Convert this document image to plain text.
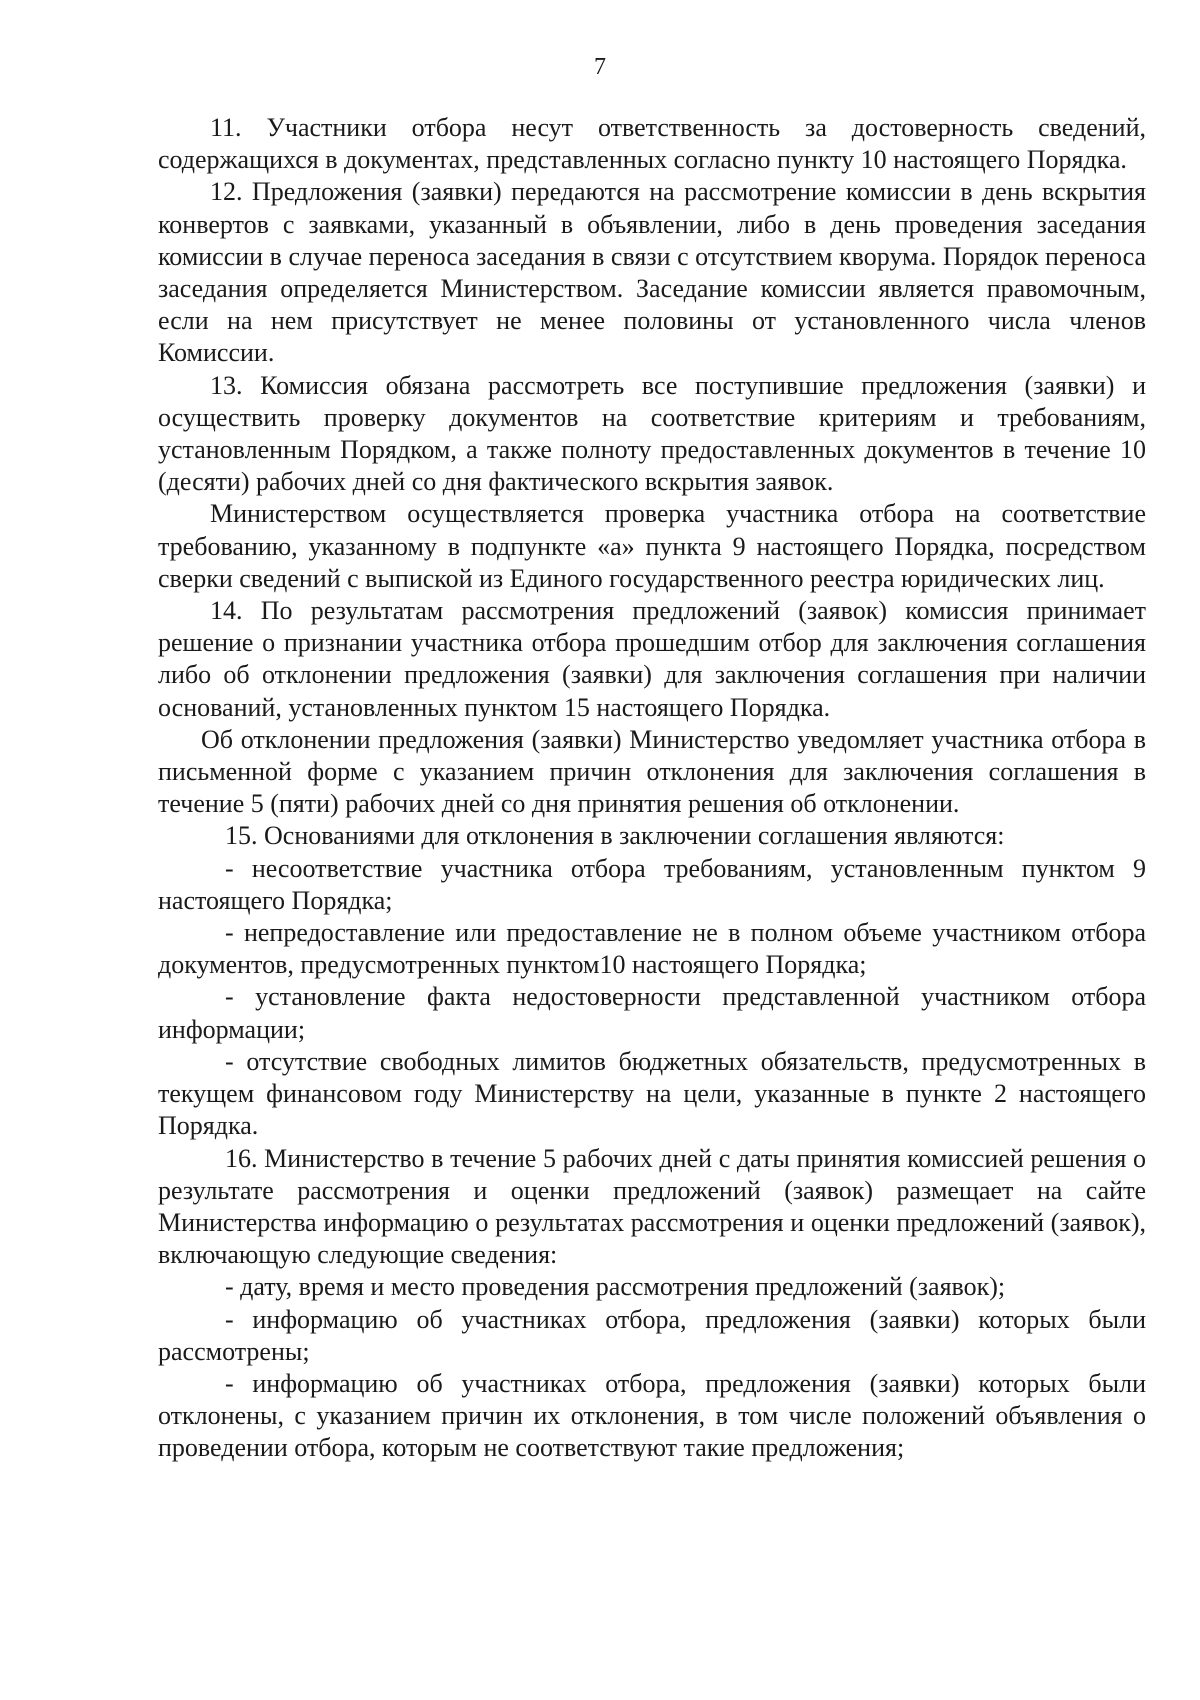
7

11. Участники отбора несут ответственность за достоверность сведений, содержащихся в документах, представленных согласно пункту 10 настоящего Порядка.

12. Предложения (заявки) передаются на рассмотрение комиссии в день вскрытия конвертов с заявками, указанный в объявлении, либо в день проведения заседания комиссии в случае переноса заседания в связи с отсутствием кворума. Порядок переноса заседания определяется Министерством. Заседание комиссии является правомочным, если на нем присутствует не менее половины от установленного числа членов Комиссии.

13. Комиссия обязана рассмотреть все поступившие предложения (заявки) и осуществить проверку документов на соответствие критериям и требованиям, установленным Порядком, а также полноту предоставленных документов в течение 10 (десяти) рабочих дней со дня фактического вскрытия заявок.

Министерством осуществляется проверка участника отбора на соответствие требованию, указанному в подпункте «а» пункта 9 настоящего Порядка, посредством сверки сведений с выпиской из Единого государственного реестра юридических лиц.

14. По результатам рассмотрения предложений (заявок) комиссия принимает решение о признании участника отбора прошедшим отбор для заключения соглашения либо об отклонении предложения (заявки) для заключения соглашения при наличии оснований, установленных пунктом 15 настоящего Порядка.

Об отклонении предложения (заявки) Министерство уведомляет участника отбора в письменной форме с указанием причин отклонения для заключения соглашения в течение 5 (пяти) рабочих дней со дня принятия решения об отклонении.

15. Основаниями для отклонения в заключении соглашения являются:

- несоответствие участника отбора требованиям, установленным пунктом 9 настоящего Порядка;

- непредоставление или предоставление не в полном объеме участником отбора документов, предусмотренных пунктом10 настоящего Порядка;

- установление факта недостоверности представленной участником отбора информации;

- отсутствие свободных лимитов бюджетных обязательств, предусмотренных в текущем финансовом году Министерству на цели, указанные в пункте 2 настоящего Порядка.

16. Министерство в течение 5 рабочих дней с даты принятия комиссией решения о результате рассмотрения и оценки предложений (заявок) размещает на сайте Министерства информацию о результатах рассмотрения и оценки предложений (заявок), включающую следующие сведения:

- дату, время и место проведения рассмотрения предложений (заявок);

- информацию об участниках отбора, предложения (заявки) которых были рассмотрены;

- информацию об участниках отбора, предложения (заявки) которых были отклонены, с указанием причин их отклонения, в том числе положений объявления о проведении отбора, которым не соответствуют такие предложения;
